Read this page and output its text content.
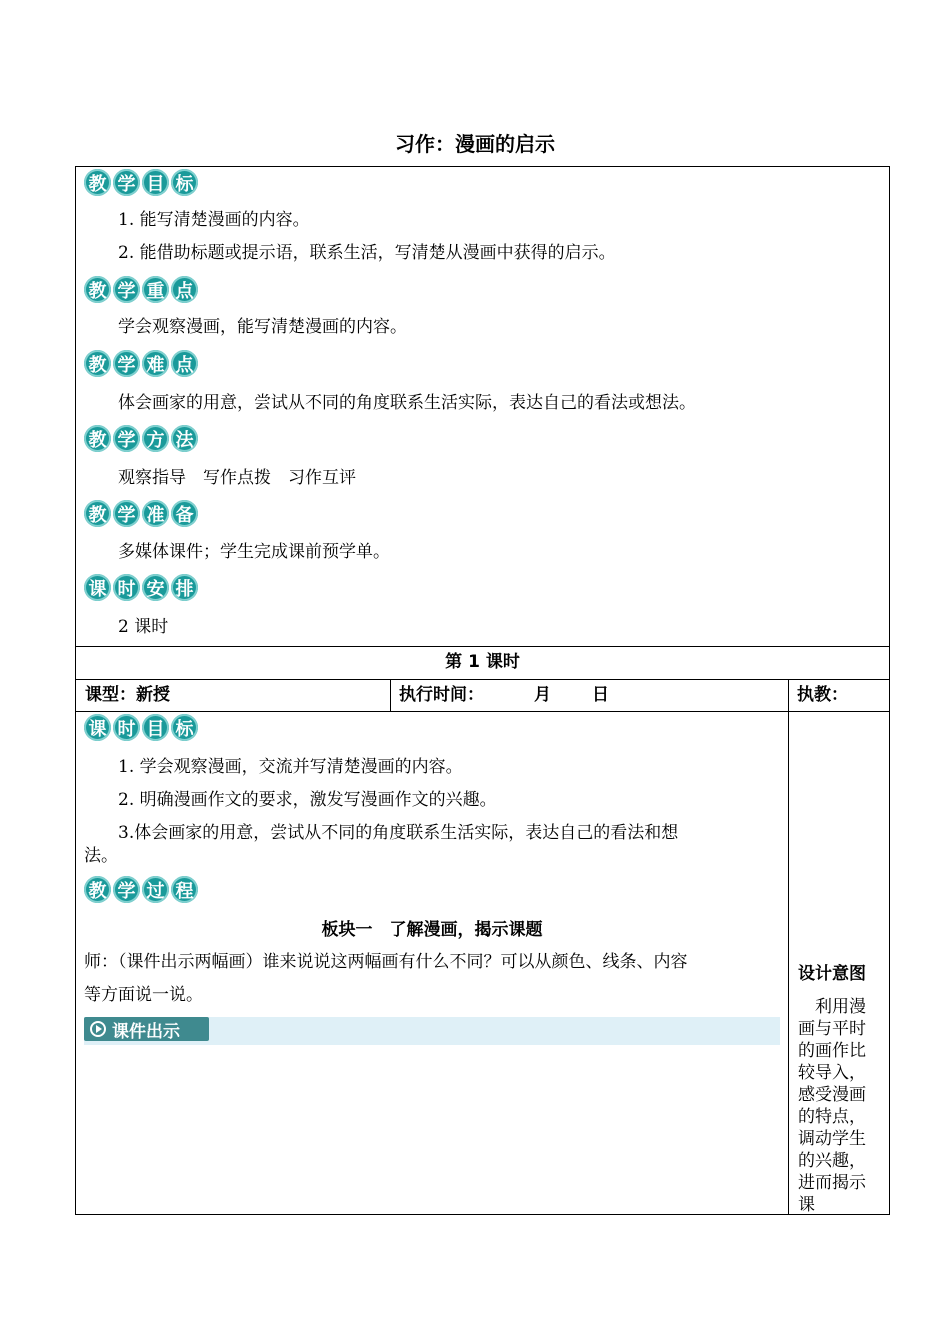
习作：漫画的启示
教 学 目 标
1. 能写清楚漫画的内容。
2. 能借助标题或提示语，联系生活，写清楚从漫画中获得的启示。
教 学 重 点
学会观察漫画，能写清楚漫画的内容。
教 学 难 点
体会画家的用意，尝试从不同的角度联系生活实际，表达自己的看法或想法。
教 学 方 法
观察指导　写作点拨　习作互评
教 学 准 备
多媒体课件；学生完成课前预学单。
课 时 安 排
2 课时
第 1 课时
课型：新授	执行时间：	月 日	执教：
课 时 目 标
1. 学会观察漫画，交流并写清楚漫画的内容。
2. 明确漫画作文的要求，激发写漫画作文的兴趣。
3.体会画家的用意，尝试从不同的角度联系生活实际，表达自己的看法和想
法。
教 学 过 程
板块一　了解漫画，揭示课题
师：（课件出示两幅画）谁来说说这两幅画有什么不同？可以从颜色、线条、内容
等方面说一说。
课件出示
设计意图
　利用漫画与平时的画作比较导入，感受漫画的特点，调动学生的兴趣，进而揭示课
